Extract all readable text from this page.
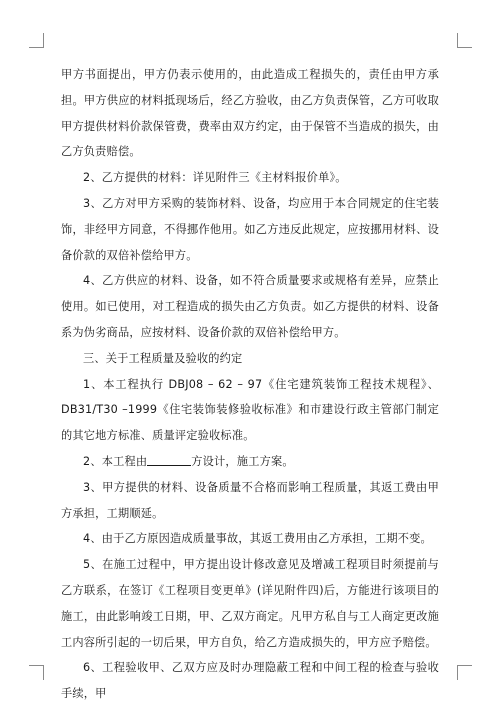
甲方书面提出，甲方仍表示使用的，由此造成工程损失的，责任由甲方承担。甲方供应的材料抵现场后，经乙方验收，由乙方负责保管，乙方可收取甲方提供材料价款保管费，费率由双方约定，由于保管不当造成的损失，由乙方负责赔偿。

2、乙方提供的材料：详见附件三《主材料报价单》。

3、乙方对甲方采购的装饰材料、设备，均应用于本合同规定的住宅装饰，非经甲方同意，不得挪作他用。如乙方违反此规定，应按挪用材料、设备价款的双倍补偿给甲方。

4、乙方供应的材料、设备，如不符合质量要求或规格有差异，应禁止使用。如已使用，对工程造成的损失由乙方负责。如乙方提供的材料、设备系为伪劣商品，应按材料、设备价款的双倍补偿给甲方。

三、关于工程质量及验收的约定

1、本工程执行 DBJ08 – 62 – 97《住宅建筑装饰工程技术规程》、DB31/T30 –1999《住宅装饰装修验收标准》和市建设行政主管部门制定的其它地方标准、质量评定验收标准。

2、本工程由	方设计，施工方案。

3、甲方提供的材料、设备质量不合格而影响工程质量，其返工费由甲方承担，工期顺延。

4、由于乙方原因造成质量事故，其返工费用由乙方承担，工期不变。

5、在施工过程中，甲方提出设计修改意见及增减工程项目时须提前与乙方联系，在签订《工程项目变更单》(详见附件四)后，方能进行该项目的施工，由此影响竣工日期，甲、乙双方商定。凡甲方私自与工人商定更改施工内容所引起的一切后果，甲方自负，给乙方造成损失的，甲方应予赔偿。

6、工程验收甲、乙双方应及时办理隐蔽工程和中间工程的检查与验收手续，甲
